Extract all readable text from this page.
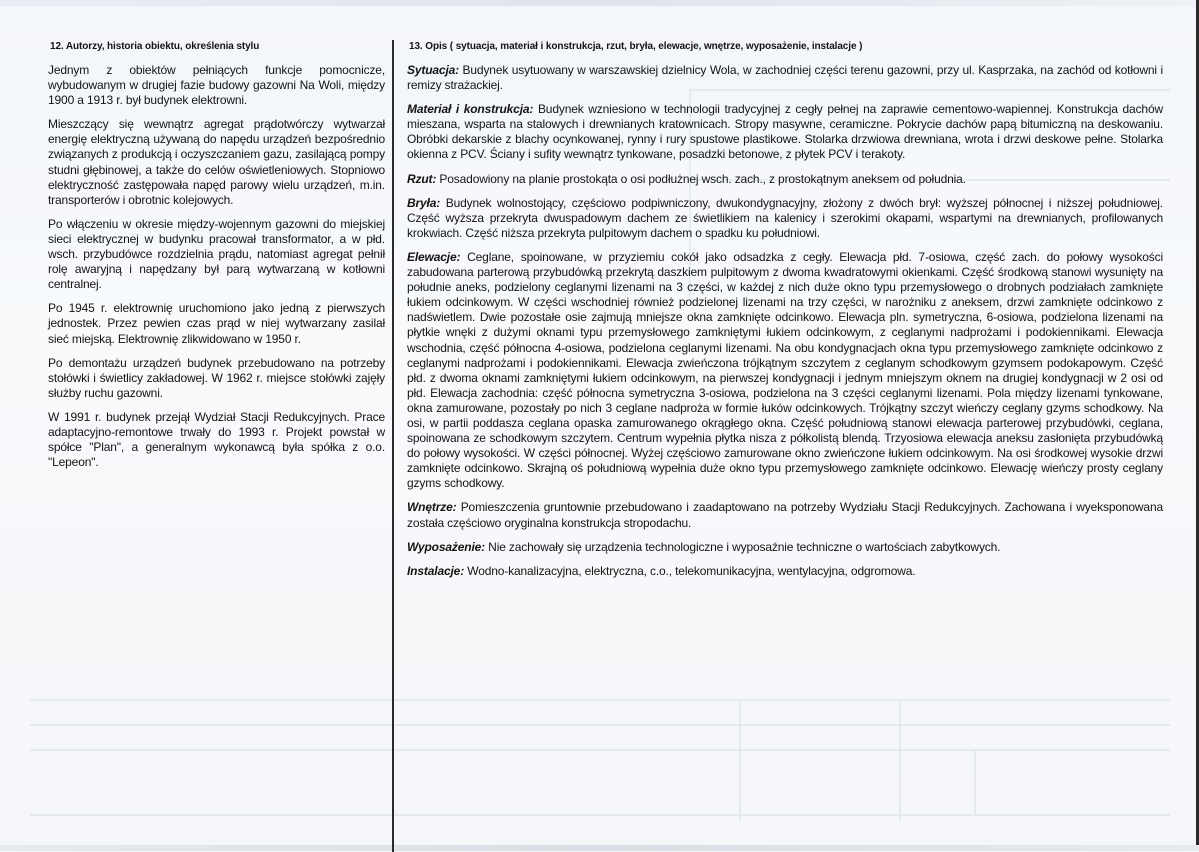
12. Autorzy, historia obiektu, określenia stylu

Jednym z obiektów pełniących funkcje pomocnicze, wybudowanym w drugiej fazie budowy gazowni Na Woli, między 1900 a 1913 r. był budynek elektrowni.

Mieszczący się wewnątrz agregat prądotwórczy wytwarzał energię elektryczną używaną do napędu urządzeń bezpośrednio związanych z produkcją i oczyszczaniem gazu, zasilającą pompy studni głębinowej, a także do celów oświetleniowych. Stopniowo elektryczność zastępowała napęd parowy wielu urządzeń, m.in. transporterów i obrotnic kolejowych.

Po włączeniu w okresie między-wojennym gazowni do miejskiej sieci elektrycznej w budynku pracował transformator, a w płd. wsch. przybudówce rozdzielnia prądu, natomiast agregat pełnił rolę awaryjną i napędzany był parą wytwarzaną w kotłowni centralnej.

Po 1945 r. elektrownię uruchomiono jako jedną z pierwszych jednostek. Przez pewien czas prąd w niej wytwarzany zasilał sieć miejską. Elektrownię zlikwidowano w 1950 r.

Po demontażu urządzeń budynek przebudowano na potrzeby stołówki i świetlicy zakładowej. W 1962 r. miejsce stołówki zajęły służby ruchu gazowni.

W 1991 r. budynek przejął Wydział Stacji Redukcyjnych. Prace adaptacyjno-remontowe trwały do 1993 r. Projekt powstał w spółce "Plan", a generalnym wykonawcą była spółka z o.o. "Lepeon".

13. Opis ( sytuacja, materiał i konstrukcja, rzut, bryła, elewacje, wnętrze, wyposażenie, instalacje )

Sytuacja: Budynek usytuowany w warszawskiej dzielnicy Wola, w zachodniej części terenu gazowni, przy ul. Kasprzaka, na zachód od kotłowni i remizy strażackiej.

Materiał i konstrukcja: Budynek wzniesiono w technologii tradycyjnej z cegły pełnej na zaprawie cementowo-wapiennej. Konstrukcja dachów mieszana, wsparta na stalowych i drewnianych kratownicach. Stropy masywne, ceramiczne. Pokrycie dachów papą bitumiczną na deskowaniu. Obróbki dekarskie z blachy ocynkowanej, rynny i rury spustowe plastikowe. Stolarka drzwiowa drewniana, wrota i drzwi deskowe pełne. Stolarka okienna z PCV. Ściany i sufity wewnątrz tynkowane, posadzki betonowe, z płytek PCV i terakoty.

Rzut: Posadowiony na planie prostokąta o osi podłużnej wsch. zach., z prostokątnym aneksem od południa.

Bryła: Budynek wolnostojący, częściowo podpiwniczony, dwukondygnacyjny, złożony z dwóch brył: wyższej północnej i niższej południowej. Część wyższa przekryta dwuspadowym dachem ze świetlikiem na kalenicy i szerokimi okapami, wspartymi na drewnianych, profilowanych krokwiach. Część niższa przekryta pulpitowym dachem o spadku ku południowi.

Elewacje: Ceglane, spoinowane, w przyziemiu cokół jako odsadzka z cegły. Elewacja płd. 7-osiowa, część zach. do połowy wysokości zabudowana parterową przybudówką przekrytą daszkiem pulpitowym z dwoma kwadratowymi okienkami. Część środkową stanowi wysunięty na południe aneks, podzielony ceglanymi lizenami na 3 części, w każdej z nich duże okno typu przemysłowego o drobnych podziałach zamknięte łukiem odcinkowym. W części wschodniej również podzielonej lizenami na trzy części, w narożniku z aneksem, drzwi zamknięte odcinkowo z nadświetlem. Dwie pozostałe osie zajmują mniejsze okna zamknięte odcinkowo. Elewacja pln. symetryczna, 6-osiowa, podzielona lizenami na płytkie wnęki z dużymi oknami typu przemysłowego zamkniętymi łukiem odcinkowym, z ceglanymi nadprożami i podokiennikami. Elewacja wschodnia, część północna 4-osiowa, podzielona ceglanymi lizenami. Na obu kondygnacjach okna typu przemysłowego zamknięte odcinkowo z ceglanymi nadprożami i podokiennikami. Elewacja zwieńczona trójkątnym szczytem z ceglanym schodkowym gzymsem podokapowym. Część płd. z dwoma oknami zamkniętymi łukiem odcinkowym, na pierwszej kondygnacji i jednym mniejszym oknem na drugiej kondygnacji w 2 osi od płd. Elewacja zachodnia: część północna symetryczna 3-osiowa, podzielona na 3 części ceglanymi lizenami. Pola między lizenami tynkowane, okna zamurowane, pozostały po nich 3 ceglane nadproża w formie łuków odcinkowych. Trójkątny szczyt wieńczy ceglany gzyms schodkowy. Na osi, w partii poddasza ceglana opaska zamurowanego okrągłego okna. Część południową stanowi elewacja parterowej przybudówki, ceglana, spoinowana ze schodkowym szczytem. Centrum wypełnia płytka nisza z półkolistą blendą. Trzyosiowa elewacja aneksu zasłonięta przybudówką do połowy wysokości. W części północnej. Wyżej częściowo zamurowane okno zwieńczone łukiem odcinkowym. Na osi środkowej wysokie drzwi zamknięte odcinkowo. Skrajną oś południową wypełnia duże okno typu przemysłowego zamknięte odcinkowo. Elewację wieńczy prosty ceglany gzyms schodkowy.

Wnętrze: Pomieszczenia gruntownie przebudowano i zaadaptowano na potrzeby Wydziału Stacji Redukcyjnych. Zachowana i wyeksponowana została częściowo oryginalna konstrukcja stropodachu.

Wyposażenie: Nie zachowały się urządzenia technologiczne i wyposaźnie techniczne o wartościach zabytkowych.

Instalacje: Wodno-kanalizacyjna, elektryczna, c.o., telekomunikacyjna, wentylacyjna, odgromowa.
